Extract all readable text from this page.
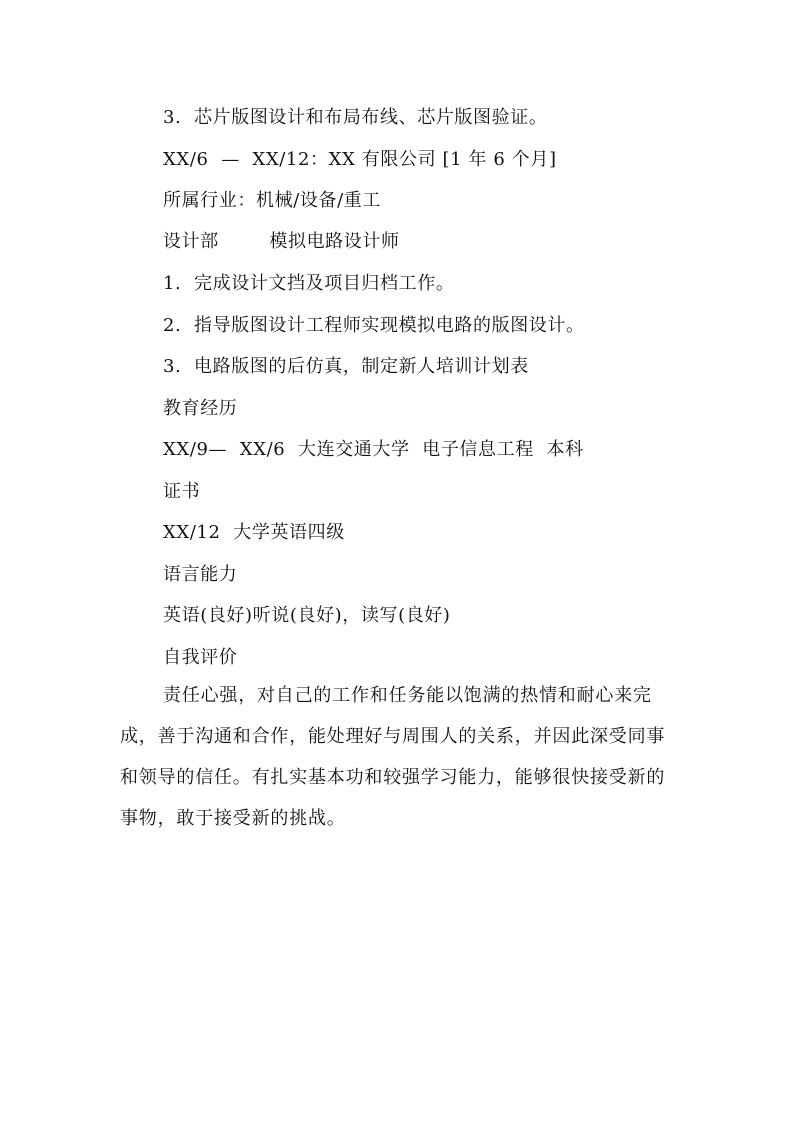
3.  芯片版图设计和布局布线、芯片版图验证。
XX/6  —  XX/12：XX 有限公司 [1 年 6 个月]
所属行业：机械/设备/重工
设计部        模拟电路设计师
1.  完成设计文挡及项目归档工作。
2.  指导版图设计工程师实现模拟电路的版图设计。
3.  电路版图的后仿真，制定新人培训计划表
教育经历
XX/9—  XX/6  大连交通大学  电子信息工程  本科
证书
XX/12  大学英语四级
语言能力
英语(良好)听说(良好)，读写(良好)
自我评价

责任心强，对自己的工作和任务能以饱满的热情和耐心来完成，善于沟通和合作，能处理好与周围人的关系，并因此深受同事和领导的信任。有扎实基本功和较强学习能力，能够很快接受新的事物，敢于接受新的挑战。
